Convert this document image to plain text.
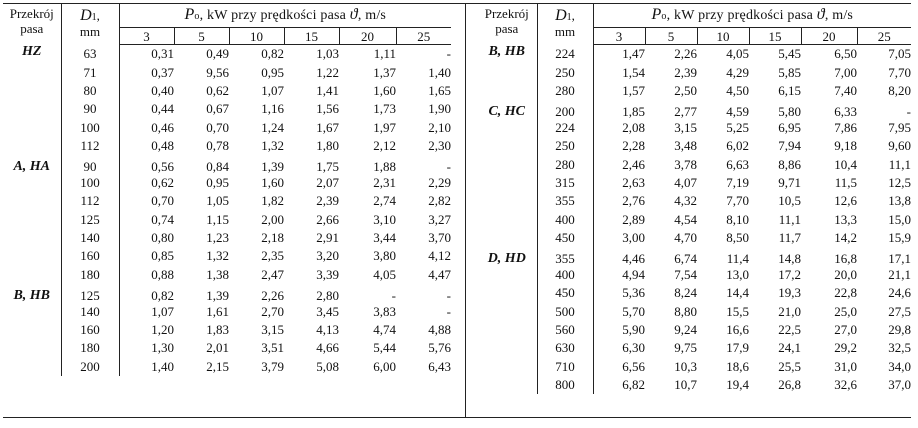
Przekrój pasa	D1,
mm	Po, kW przy prędkości pasa ϑ, m/s					
		3	5	10	15	20	25
HZ	63	0,31	0,49	0,82	1,03	1,11	-
	71	0,37	9,56	0,95	1,22	1,37	1,40
	80	0,40	0,62	1,07	1,41	1,60	1,65
	90	0,44	0,67	1,16	1,56	1,73	1,90
	100	0,46	0,70	1,24	1,67	1,97	2,10
	112	0,48	0,78	1,32	1,80	2,12	2,30
A, HA	90	0,56	0,84	1,39	1,75	1,88	-
	100	0,62	0,95	1,60	2,07	2,31	2,29
	112	0,70	1,05	1,82	2,39	2,74	2,82
	125	0,74	1,15	2,00	2,66	3,10	3,27
	140	0,80	1,23	2,18	2,91	3,44	3,70
	160	0,85	1,32	2,35	3,20	3,80	4,12
	180	0,88	1,38	2,47	3,39	4,05	4,47
B, HB	125	0,82	1,39	2,26	2,80	-	-
	140	1,07	1,61	2,70	3,45	3,83	-
	160	1,20	1,83	3,15	4,13	4,74	4,88
	180	1,30	2,01	3,51	4,66	5,44	5,76
	200	1,40	2,15	3,79	5,08	6,00	6,43
Przekrój pasa	D1,
mm	Po, kW przy prędkości pasa ϑ, m/s					
		3	5	10	15	20	25
B, HB	224	1,47	2,26	4,05	5,45	6,50	7,05
	250	1,54	2,39	4,29	5,85	7,00	7,70
	280	1,57	2,50	4,50	6,15	7,40	8,20
C, HC	200	1,85	2,77	4,59	5,80	6,33	-
	224	2,08	3,15	5,25	6,95	7,86	7,95
	250	2,28	3,48	6,02	7,94	9,18	9,60
	280	2,46	3,78	6,63	8,86	10,4	11,1
	315	2,63	4,07	7,19	9,71	11,5	12,5
	355	2,76	4,32	7,70	10,5	12,6	13,8
	400	2,89	4,54	8,10	11,1	13,3	15,0
	450	3,00	4,70	8,50	11,7	14,2	15,9
D, HD	355	4,46	6,74	11,4	14,8	16,8	17,1
	400	4,94	7,54	13,0	17,2	20,0	21,1
	450	5,36	8,24	14,4	19,3	22,8	24,6
	500	5,70	8,80	15,5	21,0	25,0	27,5
	560	5,90	9,24	16,6	22,5	27,0	29,8
	630	6,30	9,75	17,9	24,1	29,2	32,5
	710	6,56	10,3	18,6	25,5	31,0	34,0
	800	6,82	10,7	19,4	26,8	32,6	37,0
